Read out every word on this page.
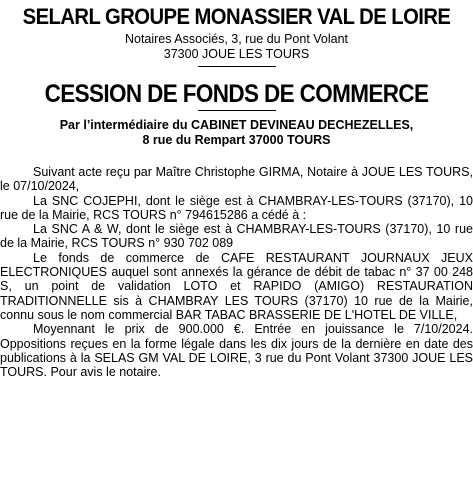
SELARL GROUPE MONASSIER VAL DE LOIRE
Notaires Associés, 3, rue du Pont Volant
37300 JOUE LES TOURS
CESSION DE FONDS DE COMMERCE
Par l’intermédiaire du CABINET DEVINEAU DECHEZELLES,
8 rue du Rempart 37000 TOURS

Suivant acte reçu par Maître Christophe GIRMA, Notaire à JOUE LES TOURS, le 07/10/2024,

La SNC COJEPHI, dont le siège est à CHAMBRAY-LES-TOURS (37170), 10 rue de la Mairie, RCS TOURS n° 794615286 a cédé à :

La SNC A & W, dont le siège est à CHAMBRAY-LES-TOURS (37170), 10 rue de la Mairie, RCS TOURS n° 930 702 089

Le fonds de commerce de CAFE RESTAURANT JOURNAUX JEUX ELECTRONIQUES auquel sont annexés la gérance de débit de tabac n° 37 00 248 S, un point de validation LOTO et RAPIDO (AMIGO) RESTAURATION TRADITIONNELLE sis à CHAMBRAY LES TOURS (37170) 10 rue de la Mairie, connu sous le nom commercial BAR TABAC BRASSERIE DE L'HOTEL DE VILLE,

Moyennant le prix de 900.000 €. Entrée en jouissance le 7/10/2024. Oppositions reçues en la forme légale dans les dix jours de la dernière en date des publications à la SELAS GM VAL DE LOIRE, 3 rue du Pont Volant 37300 JOUE LES TOURS. Pour avis le notaire.
